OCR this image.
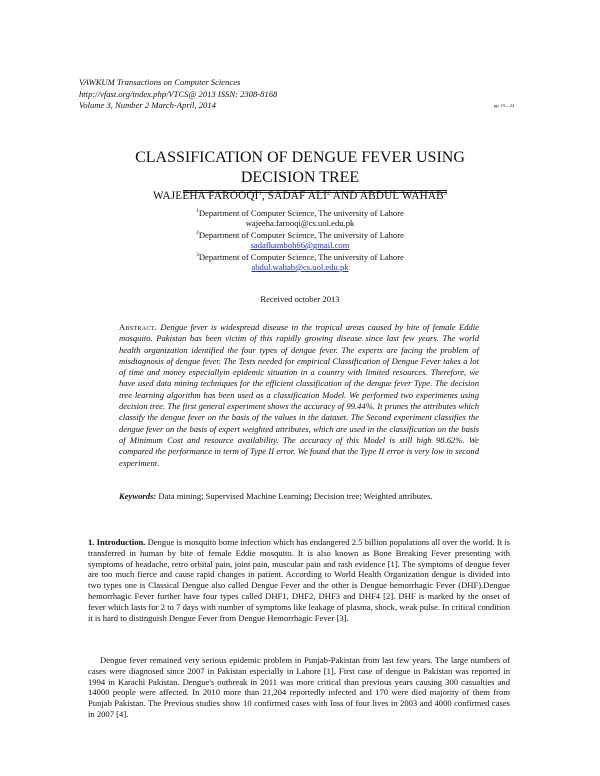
VAWKUM Transactions on Computer Sciences
http://vfast.org/index.php/VTCS@ 2013 ISSN: 2308-8168
Volume 3, Number 2 March-April, 2014	pp. 15—22
CLASSIFICATION OF DENGUE FEVER USING
DECISION TREE
WAJEEHA FAROOQI$^1$, SADAF ALI$^2$ AND ABDUL WAHAB$^3$
$^1$Department of Computer Science, The university of Lahore
wajeeha.farooqi@cs.uol.edu.pk
$^2$Department of Computer Science, The university of Lahore
sadafkamboh66@gmail.com
$^3$Department of Computer Science, The university of Lahore
abdul.wahab@cs.uol.edu.pk
Received october 2013
Abstract. Dengue fever is widespread disease in the tropical areas caused by bite of female Eddie mosquito. Pakistan has been victim of this rapidly growing disease since last few years. The world health organization identified the four types of dengue fever. The experts are facing the problem of misdiagnosis of dengue fever. The Tests needed for empirical Classification of Dengue Fever takes a lot of time and money especiallyin epidemic situation in a country with limited resources. Therefore, we have used data mining techniques for the efficient classification of the dengue fever Type. The decision tree learning algorithm has been used as a classification Model. We performed two experiments using decision tree. The first general experiment shows the accuracy of 99.44%. It prunes the attributes which classify the dengue fever on the basis of the values in the dataset. The Second experiment classifies the dengue fever on the basis of expert weighted attributes, which are used in the classification on the basis of Minimum Cost and resource availability. The accuracy of this Model is still high 98.62%. We compared the performance in term of Type II error. We found that the Type II error is very low in second experiment.
Keywords: Data mining; Supervised Machine Learning; Decision tree; Weighted attributes.
1. Introduction. Dengue is mosquito borne infection which has endangered 2.5 billion populations all over the world. It is transferred in human by bite of female Eddie mosquito. It is also known as Bone Breaking Fever presenting with symptoms of headache, retro orbital pain, joint pain, muscular pain and rash evidence [1]. The symptoms of dengue fever are too much fierce and cause rapid changes in patient. According to World Health Organization dengue is divided into two types one is Classical Dengue also called Dengue Fever and the other is Dengue hemorrhagic Fever (DHF).Dengue hemorrhagic Fever further have four types called DHF1, DHF2, DHF3 and DHF4 [2]. DHF is marked by the onset of fever which lasts for 2 to 7 days with number of symptoms like leakage of plasma, shock, weak pulse. In critical condition it is hard to distinguish Dengue Fever from Dengue Hemorrhagic Fever [3].
Dengue fever remained very serious epidemic problem in Punjab-Pakistan from last few years. The large numbers of cases were diagnosed since 2007 in Pakistan especially in Lahore [1]. First case of dengue in Pakistan was reported in 1994 in Karachi Pakistan. Dengue's outbreak in 2011 was more critical than previous years causing 300 casualties and 14000 people were affected. In 2010 more than 21,204 reportedly infected and 170 were died majority of them from Punjab Pakistan. The Previous studies show 10 confirmed cases with loss of four lives in 2003 and 4000 confirmed cases in 2007 [4].
